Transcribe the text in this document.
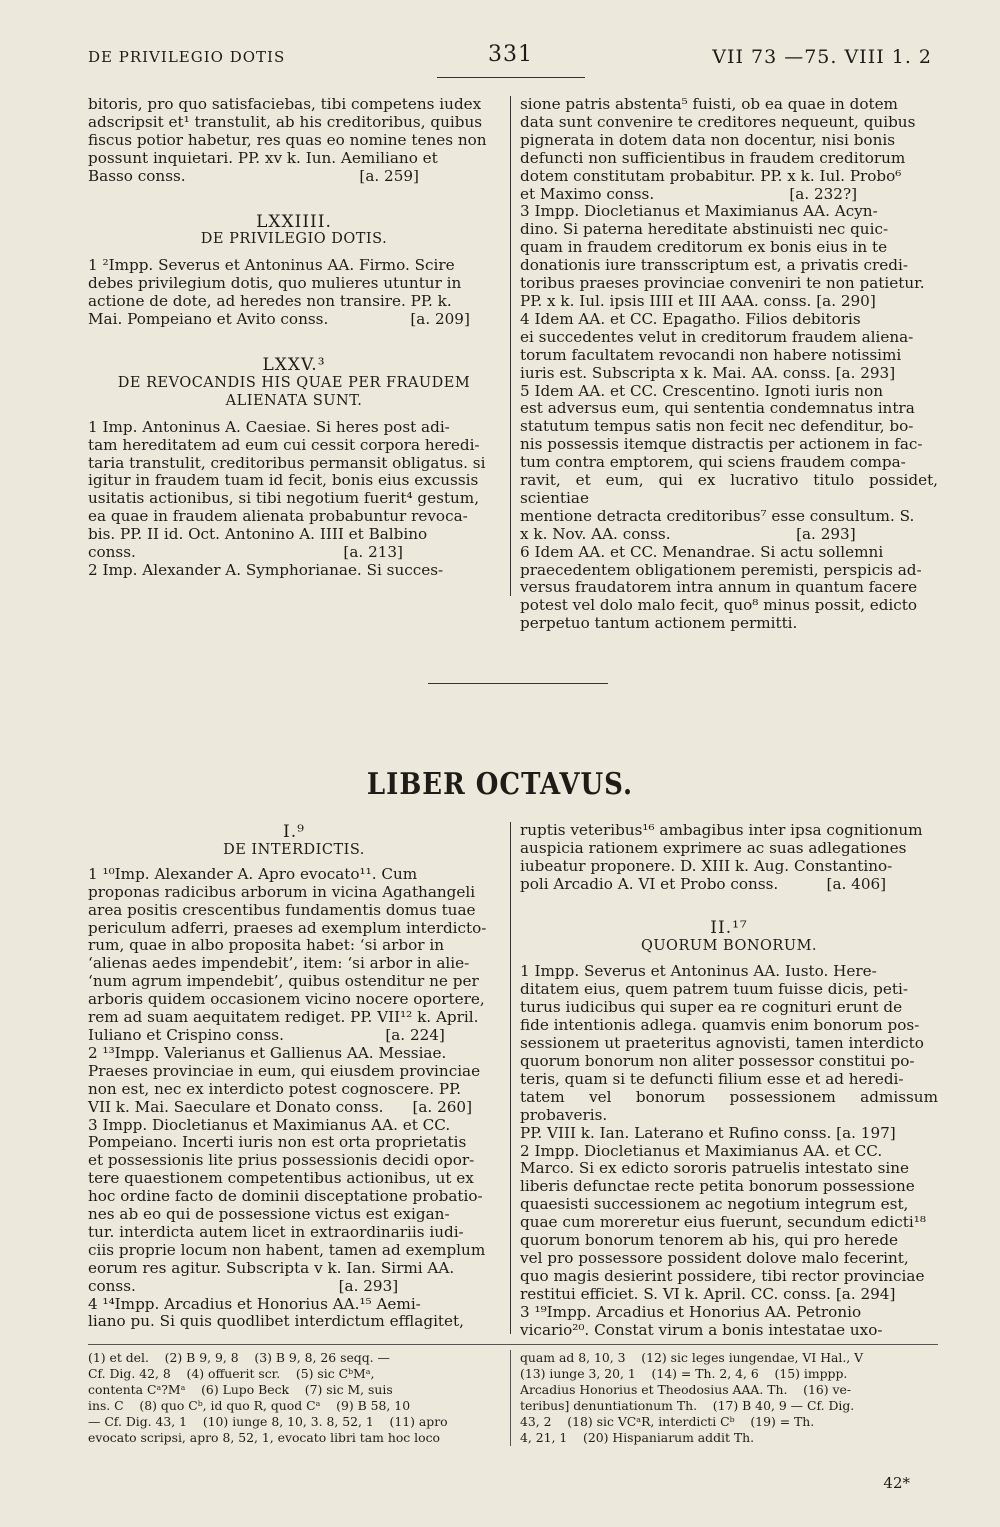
DE PRIVILEGIO DOTIS	331	VII 73 —75. VIII 1. 2

bitoris, pro quo satisfaciebas, tibi competens iudex

adscripsit et¹ transtulit, ab his creditoribus, quibus

fiscus potior habetur, res quas eo nomine tenes non

possunt inquietari. PP. xv k. Iun. Aemiliano et

Basso conss.                                    [a. 259]

LXXIIII.

DE PRIVILEGIO DOTIS.

1 ²Impp. Severus et Antoninus AA. Firmo. Scire

debes privilegium dotis, quo mulieres utuntur in

actione de dote, ad heredes non transire. PP. k.

Mai. Pompeiano et Avito conss.                 [a. 209]

LXXV.³

DE REVOCANDIS HIS QUAE PER FRAUDEM

ALIENATA SUNT.

1 Imp. Antoninus A. Caesiae. Si heres post adi-

tam hereditatem ad eum cui cessit corpora heredi-

taria transtulit, creditoribus permansit obligatus. si

igitur in fraudem tuam id fecit, bonis eius excussis

usitatis actionibus, si tibi negotium fuerit⁴ gestum,

ea quae in fraudem alienata probabuntur revoca-

bis. PP. II id. Oct. Antonino A. IIII et Balbino

conss.                                           [a. 213]

2 Imp. Alexander A. Symphorianae. Si succes-

sione patris abstenta⁵ fuisti, ob ea quae in dotem

data sunt convenire te creditores nequeunt, quibus

pignerata in dotem data non docentur, nisi bonis

defuncti non sufficientibus in fraudem creditorum

dotem constitutam probabitur. PP. x k. Iul. Probo⁶

et Maximo conss.                            [a. 232?]

3 Impp. Diocletianus et Maximianus AA. Acyn-

dino. Si paterna hereditate abstinuisti nec quic-

quam in fraudem creditorum ex bonis eius in te

donationis iure transscriptum est, a privatis credi-

toribus praeses provinciae conveniri te non patietur.

PP. x k. Iul. ipsis IIII et III AAA. conss. [a. 290]

4 Idem AA. et CC. Epagatho. Filios debitoris

ei succedentes velut in creditorum fraudem aliena-

torum facultatem revocandi non habere notissimi

iuris est. Subscripta x k. Mai. AA. conss. [a. 293]

5 Idem AA. et CC. Crescentino. Ignoti iuris non

est adversus eum, qui sententia condemnatus intra

statutum tempus satis non fecit nec defenditur, bo-

nis possessis itemque distractis per actionem in fac-

tum contra emptorem, qui sciens fraudem compa-

ravit, et eum, qui ex lucrativo titulo possidet, scientiae

mentione detracta creditoribus⁷ esse consultum. S.

x k. Nov. AA. conss.                          [a. 293]

6 Idem AA. et CC. Menandrae. Si actu sollemni

praecedentem obligationem peremisti, perspicis ad-

versus fraudatorem intra annum in quantum facere

potest vel dolo malo fecit, quo⁸ minus possit, edicto

perpetuo tantum actionem permitti.

LIBER OCTAVUS.

I.⁹

DE INTERDICTIS.

1 ¹⁰Imp. Alexander A. Apro evocato¹¹. Cum

proponas radicibus arborum in vicina Agathangeli

area positis crescentibus fundamentis domus tuae

periculum adferri, praeses ad exemplum interdicto-

rum, quae in albo proposita habet: ‘si arbor in

‘alienas aedes impendebit’, item: ‘si arbor in alie-

‘num agrum impendebit’, quibus ostenditur ne per

arboris quidem occasionem vicino nocere oportere,

rem ad suam aequitatem rediget. PP. VII¹² k. April.

Iuliano et Crispino conss.                     [a. 224]

2 ¹³Impp. Valerianus et Gallienus AA. Messiae.

Praeses provinciae in eum, qui eiusdem provinciae

non est, nec ex interdicto potest cognoscere. PP.

VII k. Mai. Saeculare et Donato conss.      [a. 260]

3 Impp. Diocletianus et Maximianus AA. et CC.

Pompeiano. Incerti iuris non est orta proprietatis

et possessionis lite prius possessionis decidi opor-

tere quaestionem competentibus actionibus, ut ex

hoc ordine facto de dominii disceptatione probatio-

nes ab eo qui de possessione victus est exigan-

tur. interdicta autem licet in extraordinariis iudi-

ciis proprie locum non habent, tamen ad exemplum

eorum res agitur. Subscripta v k. Ian. Sirmi AA.

conss.                                          [a. 293]

4 ¹⁴Impp. Arcadius et Honorius AA.¹⁵ Aemi-

liano pu. Si quis quodlibet interdictum efflagitet,

ruptis veteribus¹⁶ ambagibus inter ipsa cognitionum

auspicia rationem exprimere ac suas adlegationes

iubeatur proponere. D. XIII k. Aug. Constantino-

poli Arcadio A. VI et Probo conss.          [a. 406]

II.¹⁷

QUORUM BONORUM.

1 Impp. Severus et Antoninus AA. Iusto. Here-

ditatem eius, quem patrem tuum fuisse dicis, peti-

turus iudicibus qui super ea re cognituri erunt de

fide intentionis adlega. quamvis enim bonorum pos-

sessionem ut praeteritus agnovisti, tamen interdicto

quorum bonorum non aliter possessor constitui po-

teris, quam si te defuncti filium esse et ad heredi-

tatem vel bonorum possessionem admissum probaveris.

PP. VIII k. Ian. Laterano et Rufino conss. [a. 197]

2 Impp. Diocletianus et Maximianus AA. et CC.

Marco. Si ex edicto sororis patruelis intestato sine

liberis defunctae recte petita bonorum possessione

quaesisti successionem ac negotium integrum est,

quae cum moreretur eius fuerunt, secundum edicti¹⁸

quorum bonorum tenorem ab his, qui pro herede

vel pro possessore possident dolove malo fecerint,

quo magis desierint possidere, tibi rector provinciae

restitui efficiet. S. VI k. April. CC. conss. [a. 294]

3 ¹⁹Impp. Arcadius et Honorius AA. Petronio

vicario²⁰. Constat virum a bonis intestatae uxo-

(1) et del.    (2) B 9, 9, 8    (3) B 9, 8, 26 seqq. —

Cf. Dig. 42, 8    (4) offuerit scr.    (5) sic CᵇMᵃ,

contenta Cᵃ?Mᵃ    (6) Lupo Beck    (7) sic M, suis

ins. C    (8) quo Cᵇ, id quo R, quod Cᵃ    (9) B 58, 10

— Cf. Dig. 43, 1    (10) iunge 8, 10, 3. 8, 52, 1    (11) apro

evocato scripsi, apro 8, 52, 1, evocato libri tam hoc loco

quam ad 8, 10, 3    (12) sic leges iungendae, VI Hal., V

(13) iunge 3, 20, 1    (14) = Th. 2, 4, 6    (15) imppp.

Arcadius Honorius et Theodosius AAA. Th.    (16) ve-

teribus] denuntiationum Th.    (17) B 40, 9 — Cf. Dig.

43, 2    (18) sic VCᵃR, interdicti Cᵇ    (19) = Th.

4, 21, 1    (20) Hispaniarum addit Th.

42*
